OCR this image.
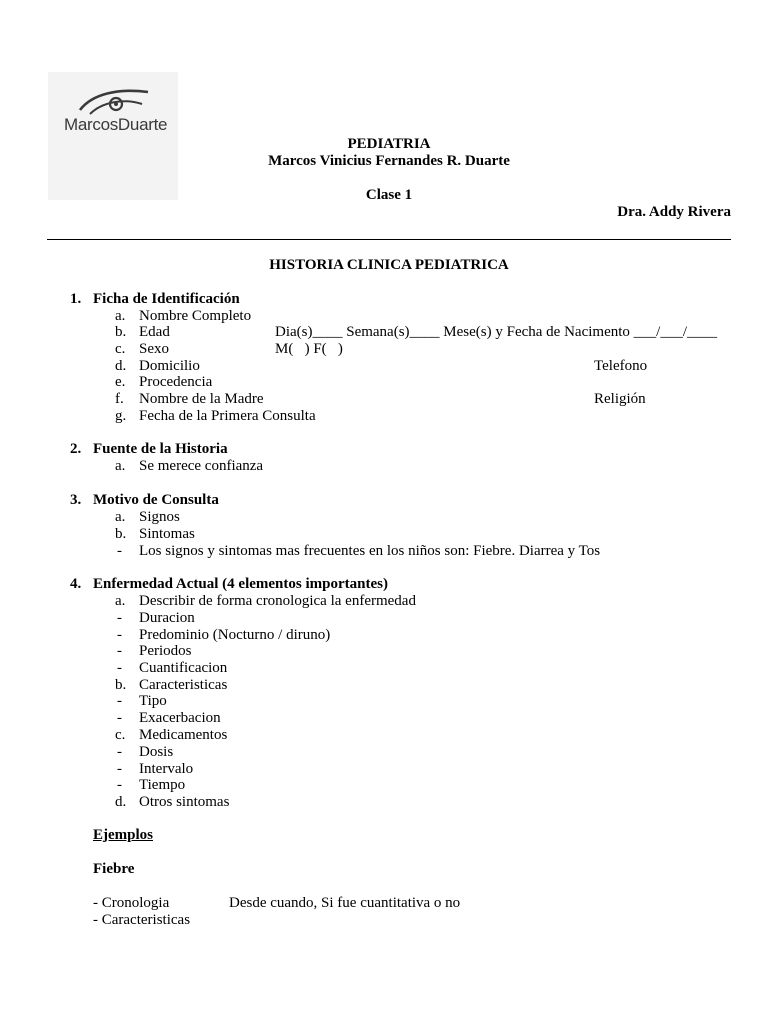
MarcosDuarte
PEDIATRIA
Marcos Vinicius Fernandes R. Duarte
Clase 1
Dra. Addy Rivera
HISTORIA CLINICA PEDIATRICA
1. Ficha de Identificación
a. Nombre Completo
b. Edad	Dia(s)____ Semana(s)____ Mese(s) y Fecha de Nacimento ___/___/____
c. Sexo	M(   ) F(   )
d. Domicilio	Telefono
e. Procedencia
f. Nombre de la Madre	Religión
g. Fecha de la Primera Consulta
2. Fuente de la Historia
a. Se merece confianza
3. Motivo de Consulta
a. Signos
b. Sintomas
- Los signos y sintomas mas frecuentes en los niños son: Fiebre. Diarrea y Tos
4. Enfermedad Actual (4 elementos importantes)
a. Describir de forma cronologica la enfermedad
- Duracion
- Predominio (Nocturno / diruno)
- Periodos
- Cuantificacion
b. Caracteristicas
- Tipo
- Exacerbacion
c. Medicamentos
- Dosis
- Intervalo
- Tiempo
d. Otros sintomas
Ejemplos
Fiebre
- Cronologia	Desde cuando, Si fue cuantitativa o no
- Caracteristicas
